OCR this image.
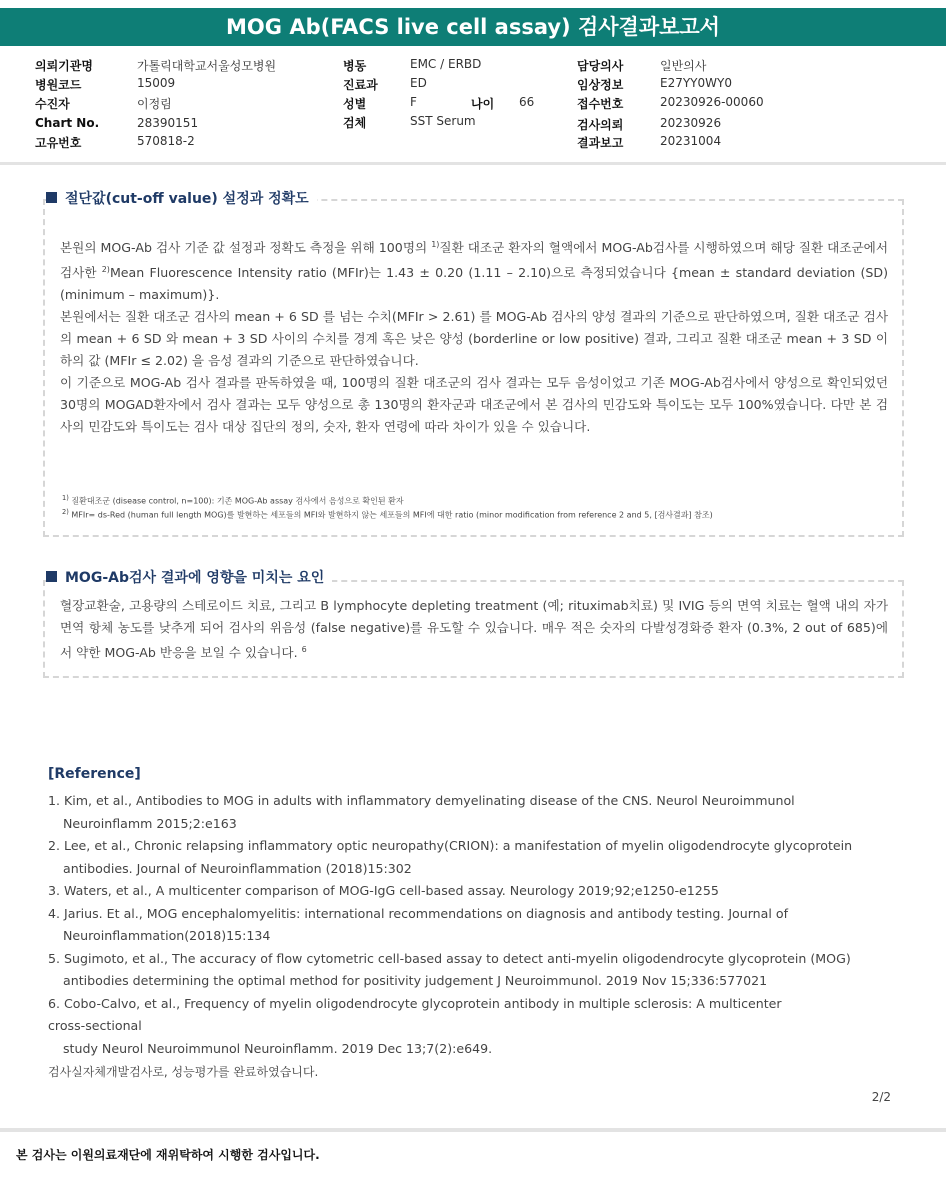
MOG Ab(FACS live cell assay) 검사결과보고서
의뢰기관명	가톨릭대학교서울성모병원
병원코드	15009
수진자	이정림
Chart No.	28390151
고유번호	570818-2
병동	EMC / ERBD
진료과	ED
성별	F	나이 66
검체	SST Serum
담당의사	일반의사
임상정보	E27YY0WY0
접수번호	20230926-00060
검사의뢰	20230926
결과보고	20231004
절단값(cut-off value) 설정과 정확도

본원의 MOG-Ab 검사 기준 값 설정과 정확도 측정을 위해 100명의 $^{1)}$질환 대조군 환자의 혈액에서 MOG-Ab검사를 시행하였으며 해당 질환 대조군에서 검사한 $^{2)}$Mean Fluorescence Intensity ratio (MFIr)는 1.43 ± 0.20 (1.11 – 2.10)으로 측정되었습니다 {mean ± standard deviation (SD) (minimum – maximum)}.

본원에서는 질환 대조군 검사의 mean + 6 SD 를 넘는 수치(MFIr > 2.61) 를 MOG-Ab 검사의 양성 결과의 기준으로 판단하였으며, 질환 대조군 검사의 mean + 6 SD 와 mean + 3 SD 사이의 수치를 경계 혹은 낮은 양성 (borderline or low positive) 결과, 그리고 질환 대조군 mean + 3 SD 이하의 값 (MFIr ≤ 2.02) 을 음성 결과의 기준으로 판단하였습니다.

이 기준으로 MOG-Ab 검사 결과를 판독하였을 때, 100명의 질환 대조군의 검사 결과는 모두 음성이었고 기존 MOG-Ab검사에서 양성으로 확인되었던 30명의 MOGAD환자에서 검사 결과는 모두 양성으로 총 130명의 환자군과 대조군에서 본 검사의 민감도와 특이도는 모두 100%였습니다. 다만 본 검사의 민감도와 특이도는 검사 대상 집단의 정의, 숫자, 환자 연령에 따라 차이가 있을 수 있습니다.

$^{1)}$ 질환대조군 (disease control, n=100): 기존 MOG-Ab assay 검사에서 음성으로 확인된 환자
$^{2)}$ MFIr= ds-Red (human full length MOG)를 발현하는 세포들의 MFI와 발현하지 않는 세포들의 MFI에 대한 ratio (minor modification from reference 2 and 5, [검사결과] 참조)
MOG-Ab검사 결과에 영향을 미치는 요인

혈장교환술, 고용량의 스테로이드 치료, 그리고 B lymphocyte depleting treatment (예; rituximab치료) 및 IVIG 등의 면역 치료는 혈액 내의 자가면역 항체 농도를 낮추게 되어 검사의 위음성 (false negative)를 유도할 수 있습니다. 매우 적은 숫자의 다발성경화증 환자 (0.3%, 2 out of 685)에서 약한 MOG-Ab 반응을 보일 수 있습니다. $^6$

[Reference]

1. Kim, et al., Antibodies to MOG in adults with inflammatory demyelinating disease of the CNS. Neurol Neuroimmunol

Neuroinflamm 2015;2:e163

2. Lee, et al., Chronic relapsing inflammatory optic neuropathy(CRION): a manifestation of myelin oligodendrocyte glycoprotein

antibodies. Journal of Neuroinflammation (2018)15:302

3. Waters, et al., A multicenter comparison of MOG-IgG cell-based assay. Neurology 2019;92;e1250-e1255

4. Jarius. Et al., MOG encephalomyelitis: international recommendations on diagnosis and antibody testing. Journal of

Neuroinflammation(2018)15:134

5. Sugimoto, et al., The accuracy of flow cytometric cell-based assay to detect anti-myelin oligodendrocyte glycoprotein (MOG)

antibodies determining the optimal method for positivity judgement J Neuroimmunol. 2019 Nov 15;336:577021

6. Cobo-Calvo, et al., Frequency of myelin oligodendrocyte glycoprotein antibody in multiple sclerosis: A multicenter

cross-sectional

study Neurol Neuroimmunol Neuroinflamm. 2019 Dec 13;7(2):e649.

검사실자체개발검사로, 성능평가를 완료하였습니다.

2/2
본 검사는 이원의료재단에 재위탁하여 시행한 검사입니다.
